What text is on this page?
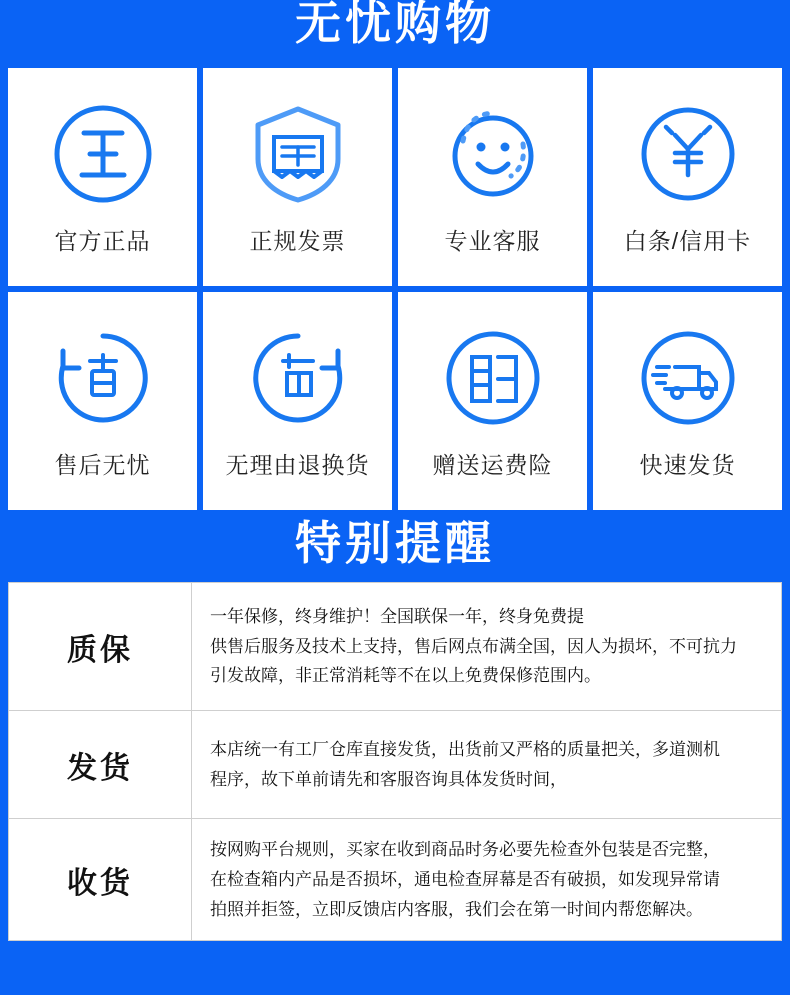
无忧购物
官方正品	正规发票	专业客服	白条/信用卡
售后无忧	无理由退换货	赠送运费险	快速发货
特别提醒
质保	一年保修，终身维护！全国联保一年，终身免费提
供售后服务及技术上支持，售后网点布满全国，因人为损坏，不可抗力
引发故障，非正常消耗等不在以上免费保修范围内。

发货	本店统一有工厂仓库直接发货，出货前又严格的质量把关，多道测机
程序，故下单前请先和客服咨询具体发货时间，

收货	按网购平台规则，买家在收到商品时务必要先检查外包装是否完整，
在检查箱内产品是否损坏，通电检查屏幕是否有破损，如发现异常请
拍照并拒签，立即反馈店内客服，我们会在第一时间内帮您解决。
